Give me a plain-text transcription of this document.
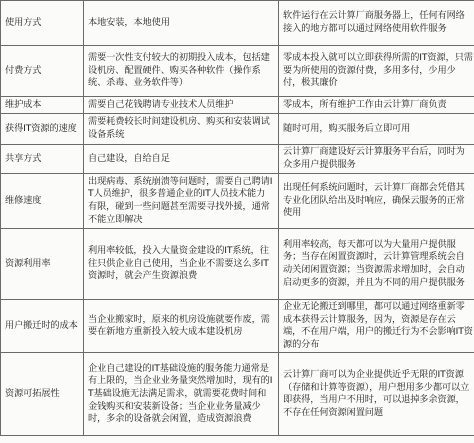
使用方式	本地安装，本地使用	软件运行在云计算厂商服务器上，任何有网络接入的地方都可以通过网络使用软件服务
付费方式	需要一次性支付较大的初期投入成本，包括建设机房、配置硬件、购买各种软件（操作系统、杀毒、业务软件等）	零成本投入就可以立即获得所需的IT资源，只需要为所使用的资源付费，多用多付，少用少付，极其廉价
维护成本	需要自己花钱聘请专业技术人员维护	零成本，所有维护工作由云计算厂商负责
获得IT资源的速度	需要耗费较长时间建设机房、购买和安装调试设备系统	随时可用，购买服务后立即可用
共享方式	自己建设，自给自足	云计算厂商建设好云计算服务平台后，同时为众多用户提供服务
维修速度	出现病毒、系统崩溃等问题时，需要自己聘请IT人员维护，很多普通企业的IT人员技术能力有限，碰到一些问题甚至需要寻找外援，通常不能立即解决	出现任何系统问题时，云计算厂商都会凭借其专业化团队给出及时响应，确保云服务的正常使用
资源利用率	利用率较低，投入大量资金建设的IT系统，往往只供企业自己使用，当企业不需要这么多IT资源时，就会产生资源浪费	利用率较高，每天都可以为大量用户提供服务；当存在闲置资源时，云计算管理系统会自动关闭闲置资源；当资源需求增加时，会自动启动更多的资源，并且为不同的用户提供服务
用户搬迁时的成本	当企业搬家时，原来的机房设施就要作废，需要在新地方重新投入较大成本建设机房	企业无论搬迁到哪里，都可以通过网络重新零成本获得云计算服务，因为，资源是存在云端，不在用户端，用户的搬迁行为不会影响IT资源的分布
资源可拓展性	企业自己建设的IT基础设施的服务能力通常是有上限的，当企业业务量突然增加时，现有的IT基础设施无法满足需求，就需要花费时间和金钱购买和安装新设备；当企业业务量减少时，多余的设备就会闲置，造成资源浪费	云计算厂商可以为企业提供近乎无限的IT资源（存储和计算等资源），用户想用多少都可以立即获得，当用户不用时，可以退掉多余资源，不存在任何资源闲置问题
